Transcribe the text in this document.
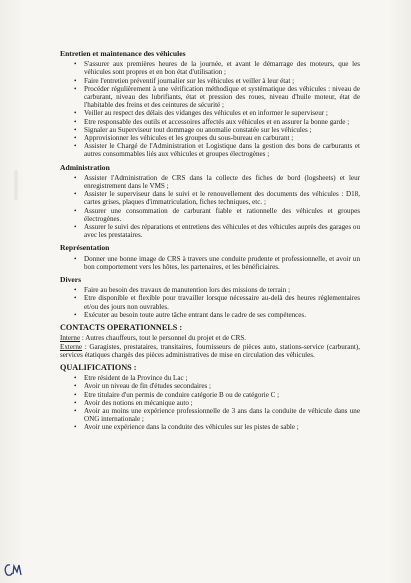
Entretien et maintenance des véhicules
• S'assurer aux premières heures de la journée, et avant le démarrage des moteurs, que les véhicules sont propres et en bon état d'utilisation ;
• Faire l'entretien préventif journalier sur les véhicules et veiller à leur état ;
• Procéder régulièrement à une vérification méthodique et systématique des véhicules : niveau de carburant, niveau des lubrifiants, état et pression des roues, niveau d'huile moteur, état de l'habitable des freins et des ceintures de sécurité ;
• Veiller au respect des délais des vidanges des véhicules et en informer le superviseur ;
• Etre responsable des outils et accessoires affectés aux véhicules et en assurer la bonne garde ;
• Signaler au Superviseur tout dommage ou anomalie constatée sur les véhicules ;
• Approvisionner les véhicules et les groupes du sous-bureau en carburant ;
• Assister le Chargé de l'Administration et Logistique dans la gestion des bons de carburants et autres consommables liés aux véhicules et groupes électrogènes ;
Administration
• Assister l'Administration de CRS dans la collecte des fiches de bord (logsheets) et leur enregistrement dans le VMS ;
• Assister le superviseur dans le suivi et le renouvellement des documents des véhicules : D18, cartes grises, plaques d'immatriculation, fiches techniques, etc. ;
• Assurer une consommation de carburant fiable et rationnelle des véhicules et groupes électrogènes.
• Assurer le suivi des réparations et entretiens des véhicules et des véhicules auprès des garages ou avec les prestataires.
Représentation
• Donner une bonne image de CRS à travers une conduite prudente et professionnelle, et avoir un bon comportement vers les hôtes, les partenaires, et les bénéficiaires.
Divers
• Faire au besoin des travaux de manutention lors des missions de terrain ;
• Etre disponible et flexible pour travailler lorsque nécessaire au-delà des heures réglementaires et/ou des jours non ouvrables.
• Exécuter au besoin toute autre tâche entrant dans le cadre de ses compétences.
CONTACTS OPERATIONNELS :
Interne : Autres chauffeurs, tout le personnel du projet et de CRS.
Externe : Garagistes, prestataires, transitaires, fournisseurs de pièces auto, stations-service (carburant), services étatiques chargés des pièces administratives de mise en circulation des véhicules.
QUALIFICATIONS :
• Etre résident de la Province du Lac ;
• Avoir un niveau de fin d'études secondaires ;
• Etre titulaire d'un permis de conduire catégorie B ou de catégorie C ;
• Avoir des notions en mécanique auto ;
• Avoir au moins une expérience professionnelle de 3 ans dans la conduite de véhicule dans une ONG internationale ;
• Avoir une expérience dans la conduite des véhicules sur les pistes de sable ;
